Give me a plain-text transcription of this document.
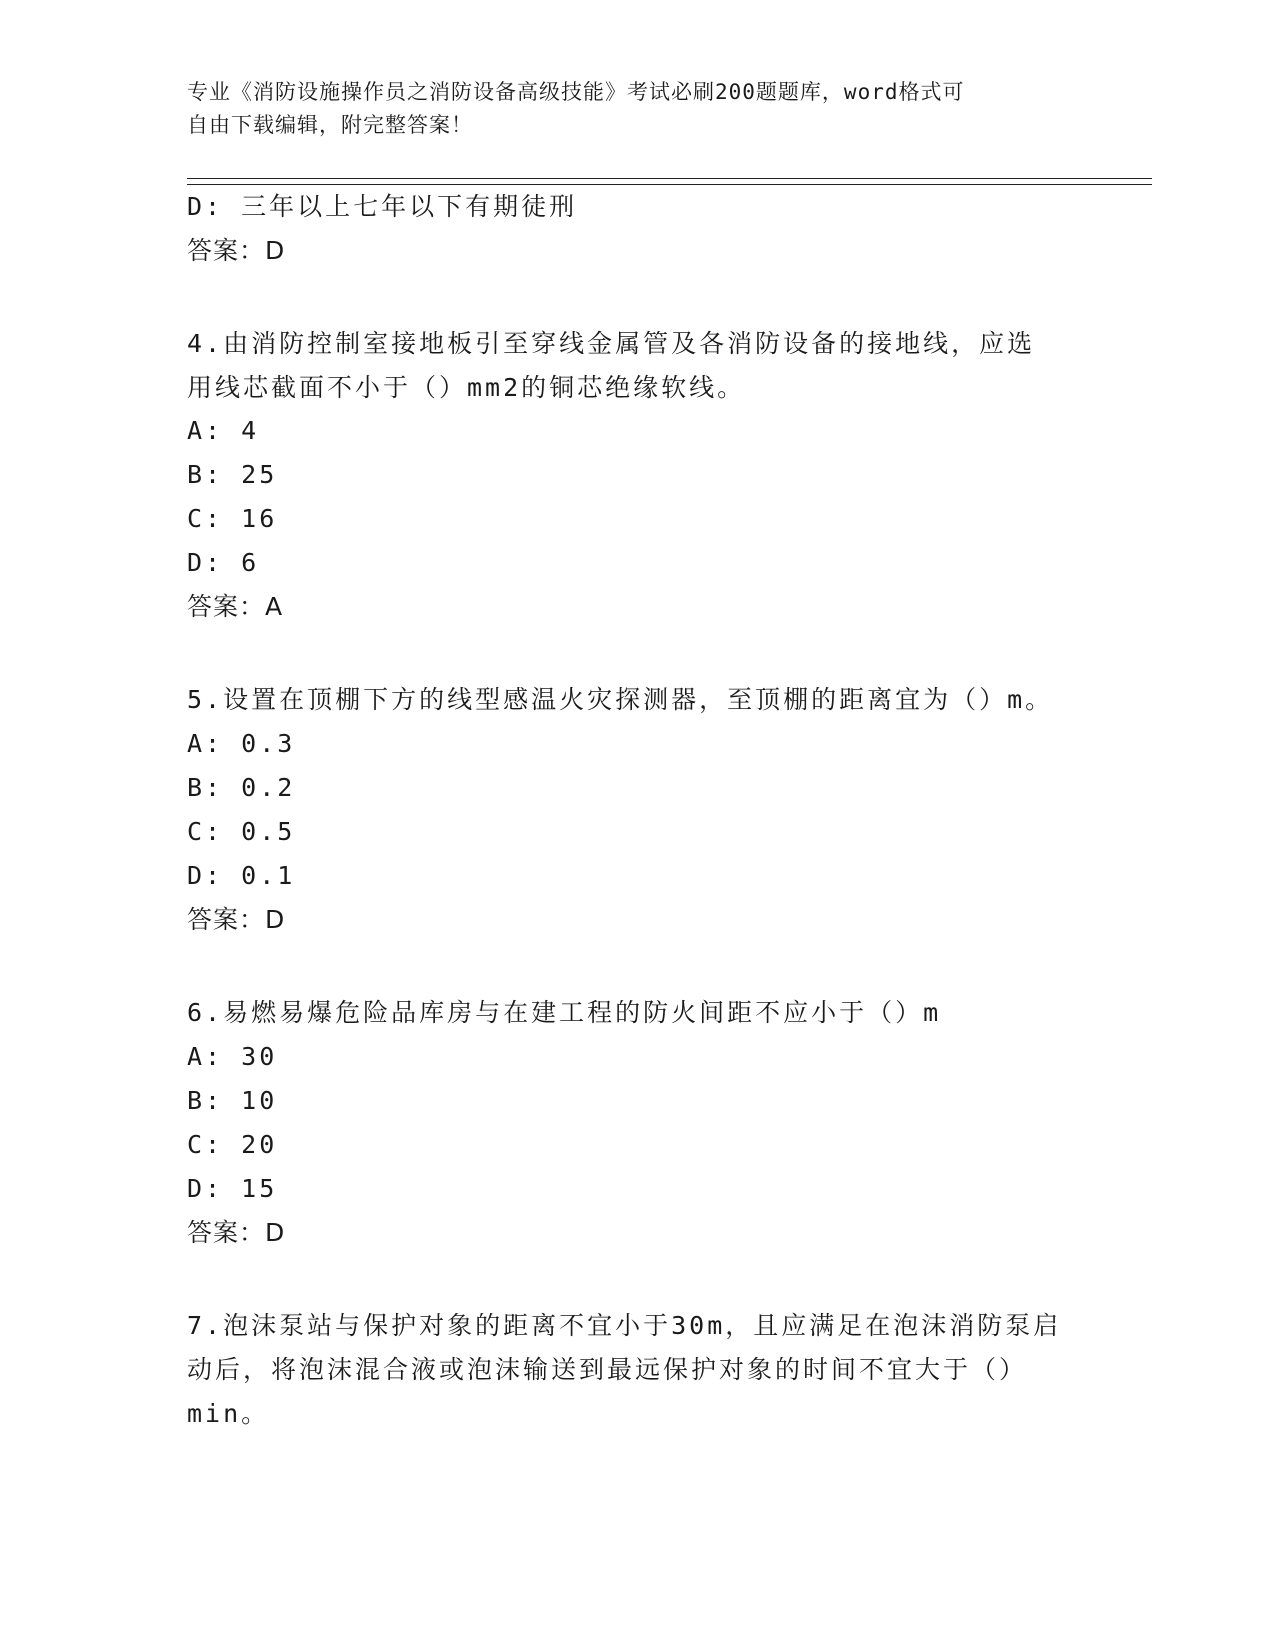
专业《消防设施操作员之消防设备高级技能》考试必刷200题题库，word格式可
自由下载编辑，附完整答案！
D: 三年以上七年以下有期徒刑
答案：D
4.由消防控制室接地板引至穿线金属管及各消防设备的接地线，应选
用线芯截面不小于（）mm2的铜芯绝缘软线。
A: 4
B: 25
C: 16
D: 6
答案：A
5.设置在顶棚下方的线型感温火灾探测器，至顶棚的距离宜为（）m。
A: 0.3
B: 0.2
C: 0.5
D: 0.1
答案：D
6.易燃易爆危险品库房与在建工程的防火间距不应小于（）m
A: 30
B: 10
C: 20
D: 15
答案：D
7.泡沫泵站与保护对象的距离不宜小于30m，且应满足在泡沫消防泵启
动后，将泡沫混合液或泡沫输送到最远保护对象的时间不宜大于（）
min。
